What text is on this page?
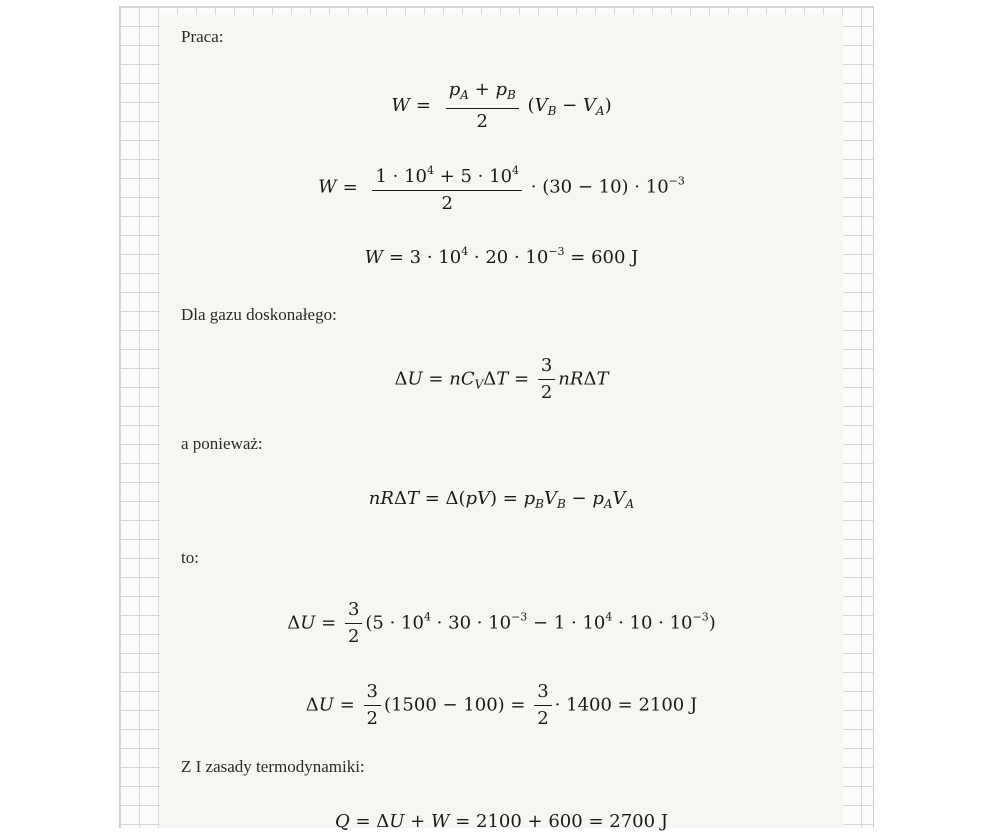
Praca:
$W = \frac{p_A + p_B}{2} (V_B - V_A)$
$W = \frac{1 \cdot 10^4 + 5 \cdot 10^4}{2} \cdot (30 - 10) \cdot 10^{-3}$
$W = 3 \cdot 10^4 \cdot 20 \cdot 10^{-3} = 600$ J
Dla gazu doskonałego:
$\Delta U = nC_V\Delta T = \frac{3}{2}$ nRΔT
a ponieważ:
$nR\Delta T = \Delta(pV) = p_BV_B - p_AV_A$
to:
$\Delta U = \frac{3}{2} (5 \cdot 10^4 \cdot 30 \cdot 10^{-3} - 1 \cdot 10^4 \cdot 10 \cdot 10^{-3})$
$\Delta U = \frac{3}{2} (1500 - 100) = \frac{3}{2} \cdot 1400 = 2100$ J
Z I zasady termodynamiki:
Q = ΔU + W = 2100 + 600 = 2700 J
